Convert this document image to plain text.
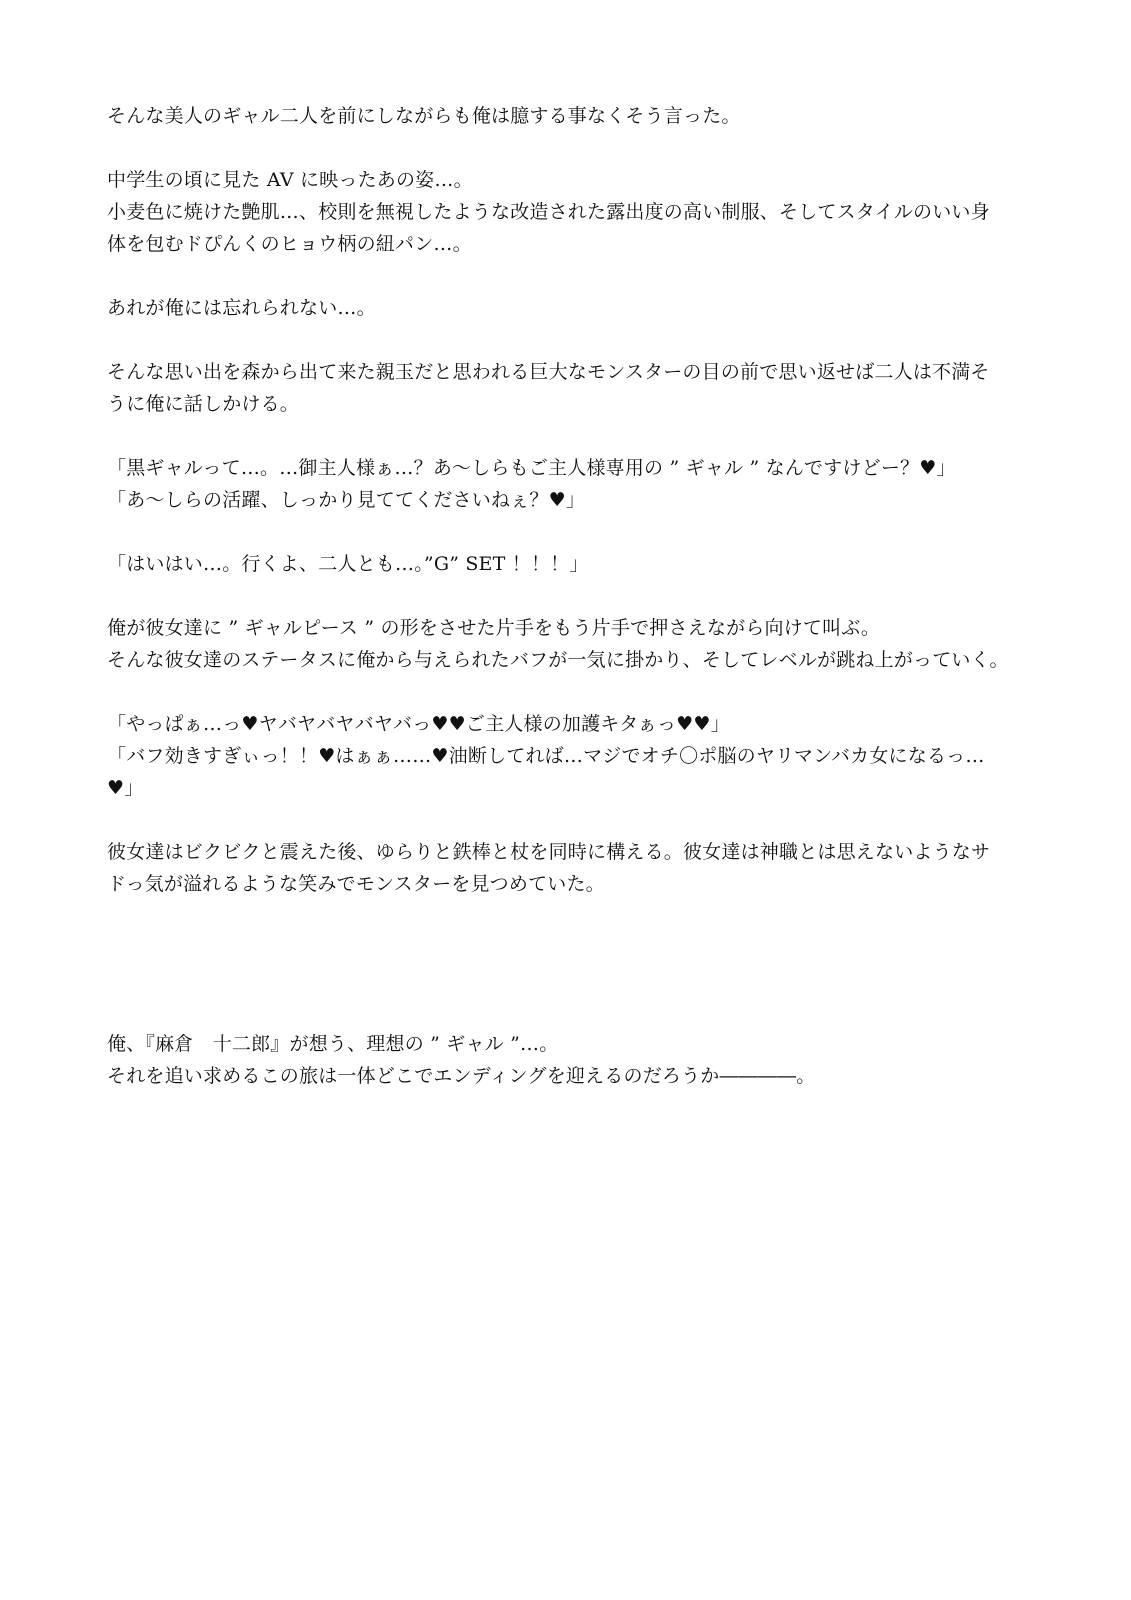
そんな美人のギャル二人を前にしながらも俺は臆する事なくそう言った。

中学生の頃に見た AV に映ったあの姿…。
小麦色に焼けた艶肌…、校則を無視したような改造された露出度の高い制服、そしてスタイルのいい身
体を包むドぴんくのヒョウ柄の紐パン…。

あれが俺には忘れられない…。

そんな思い出を森から出て来た親玉だと思われる巨大なモンスターの目の前で思い返せば二人は不満そ
うに俺に話しかける。

「黒ギャルって…。…御主人様ぁ…？あ～しらもご主人様専用の ” ギャル ” なんですけどー？♥」
「あ～しらの活躍、しっかり見ててくださいねぇ？♥」

「はいはい…。行くよ、二人とも…。”G” SET ！！！」

俺が彼女達に ” ギャルピース ” の形をさせた片手をもう片手で押さえながら向けて叫ぶ。
そんな彼女達のステータスに俺から与えられたバフが一気に掛かり、そしてレベルが跳ね上がっていく。

「やっぱぁ…っ♥ヤバヤバヤバヤバっ♥♥ご主人様の加護キタぁっ♥♥」
「バフ効きすぎぃっ！！♥はぁぁ……♥油断してれば…マジでオチ〇ポ脳のヤリマンバカ女になるっ…
♥」

彼女達はビクビクと震えた後、ゆらりと鉄棒と杖を同時に構える。彼女達は神職とは思えないようなサ
ドっ気が溢れるような笑みでモンスターを見つめていた。

俺、『麻倉　十二郎』が想う、理想の ” ギャル ”…。
それを追い求めるこの旅は一体どこでエンディングを迎えるのだろうか――――。
